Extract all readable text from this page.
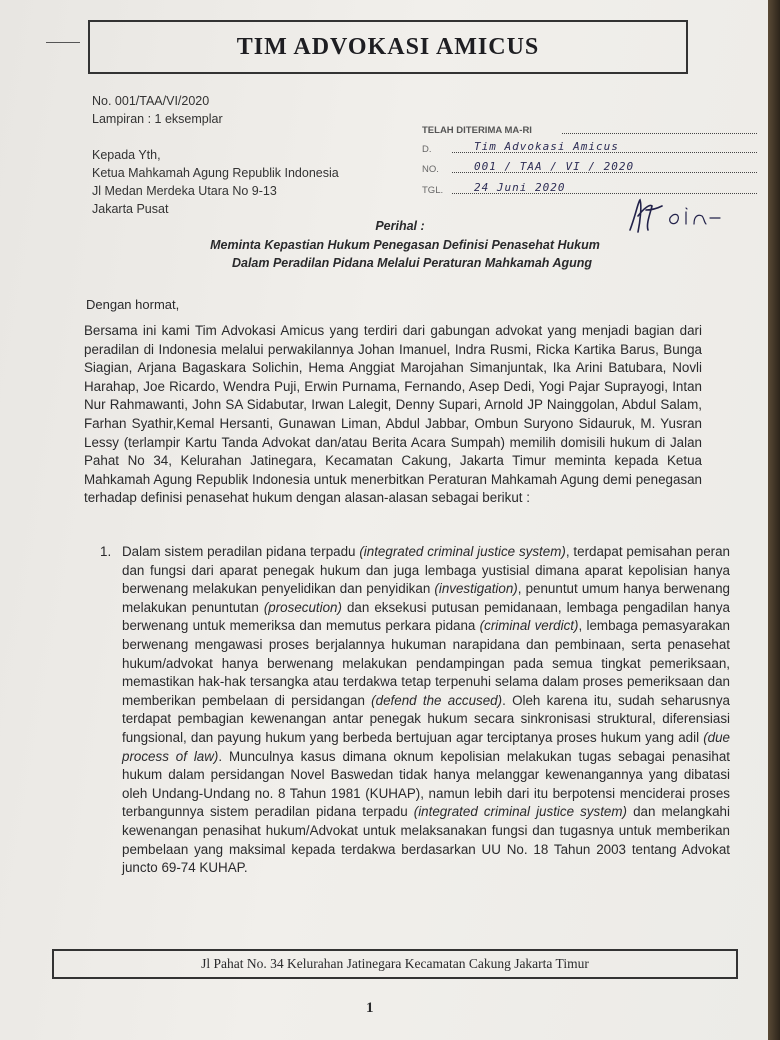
TIM ADVOKASI AMICUS
No. 001/TAA/VI/2020
Lampiran : 1 eksemplar
Kepada Yth,
Ketua Mahkamah Agung Republik Indonesia
Jl Medan Merdeka Utara No 9-13
Jakarta Pusat
TELAH DITERIMA MA-RI
D.	Tim Advokasi Amicus
NO.	001 / TAA / VI / 2020
TGL.	24 Juni 2020
Perihal :
Meminta Kepastian Hukum Penegasan Definisi Penasehat Hukum
Dalam Peradilan Pidana Melalui Peraturan Mahkamah Agung
Dengan hormat,
Bersama ini kami Tim Advokasi Amicus yang terdiri dari gabungan advokat yang menjadi bagian dari peradilan di Indonesia melalui perwakilannya Johan Imanuel, Indra Rusmi, Ricka Kartika Barus, Bunga Siagian, Arjana Bagaskara Solichin, Hema Anggiat Marojahan Simanjuntak, Ika Arini Batubara, Novli Harahap, Joe Ricardo, Wendra Puji, Erwin Purnama, Fernando, Asep Dedi, Yogi Pajar Suprayogi, Intan Nur Rahmawanti, John SA Sidabutar, Irwan Lalegit, Denny Supari, Arnold JP Nainggolan, Abdul Salam, Farhan Syathir,Kemal Hersanti, Gunawan Liman, Abdul Jabbar, Ombun Suryono Sidauruk, M. Yusran Lessy (terlampir Kartu Tanda Advokat dan/atau Berita Acara Sumpah) memilih domisili hukum di Jalan Pahat No 34, Kelurahan Jatinegara, Kecamatan Cakung, Jakarta Timur meminta kepada Ketua Mahkamah Agung Republik Indonesia untuk menerbitkan Peraturan Mahkamah Agung demi penegasan terhadap definisi penasehat hukum dengan alasan-alasan sebagai berikut :
1. Dalam sistem peradilan pidana terpadu (integrated criminal justice system), terdapat pemisahan peran dan fungsi dari aparat penegak hukum dan juga lembaga yustisial dimana aparat kepolisian hanya berwenang melakukan penyelidikan dan penyidikan (investigation), penuntut umum hanya berwenang melakukan penuntutan (prosecution) dan eksekusi putusan pemidanaan, lembaga pengadilan hanya berwenang untuk memeriksa dan memutus perkara pidana (criminal verdict), lembaga pemasyarakan berwenang mengawasi proses berjalannya hukuman narapidana dan pembinaan, serta penasehat hukum/advokat hanya berwenang melakukan pendampingan pada semua tingkat pemeriksaan, memastikan hak-hak tersangka atau terdakwa tetap terpenuhi selama dalam proses pemeriksaan dan memberikan pembelaan di persidangan (defend the accused). Oleh karena itu, sudah seharusnya terdapat pembagian kewenangan antar penegak hukum secara sinkronisasi struktural, diferensiasi fungsional, dan payung hukum yang berbeda bertujuan agar terciptanya proses hukum yang adil (due process of law). Munculnya kasus dimana oknum kepolisian melakukan tugas sebagai penasihat hukum dalam persidangan Novel Baswedan tidak hanya melanggar kewenangannya yang dibatasi oleh Undang-Undang no. 8 Tahun 1981 (KUHAP), namun lebih dari itu berpotensi menciderai proses terbangunnya sistem peradilan pidana terpadu (integrated criminal justice system) dan melangkahi kewenangan penasihat hukum/Advokat untuk melaksanakan fungsi dan tugasnya untuk memberikan pembelaan yang maksimal kepada terdakwa berdasarkan UU No. 18 Tahun 2003 tentang Advokat juncto 69-74 KUHAP.
Jl Pahat No. 34 Kelurahan Jatinegara Kecamatan Cakung Jakarta Timur
1
